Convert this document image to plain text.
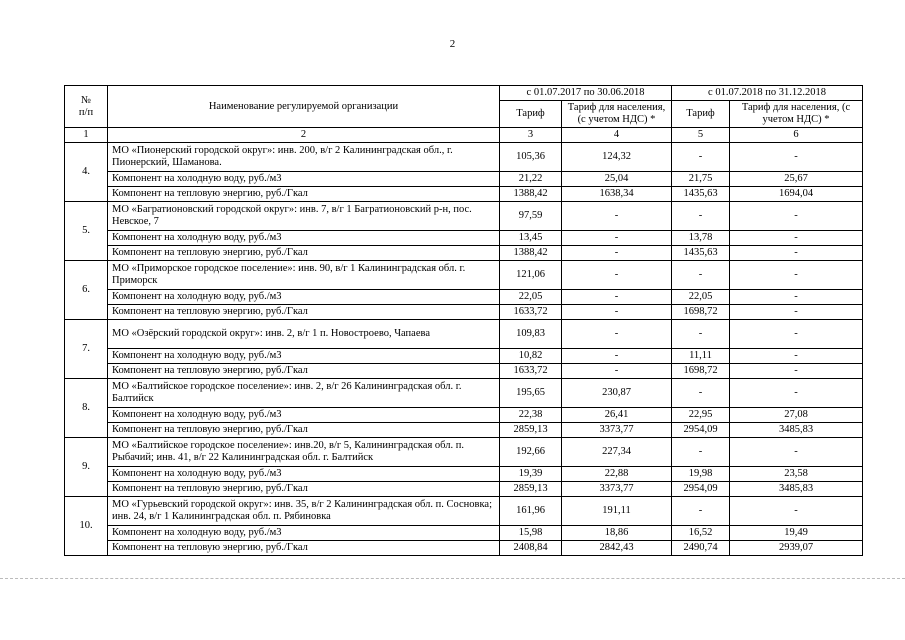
2
№
п/п	Наименование регулируемой организации	с 01.07.2017 по 30.06.2018		с 01.07.2018 по 31.12.2018	
		Тариф	Тариф для населения, (с учетом НДС) *	Тариф	Тариф для населения, (с учетом НДС) *
1	2	3	4	5	6
4.	МО «Пионерский городской округ»: инв. 200, в/г 2 Калининградская обл., г. Пионерский, Шаманова.	105,36	124,32	-	-
	Компонент на холодную воду, руб./м3	21,22	25,04	21,75	25,67
	Компонент на тепловую энергию, руб./Гкал	1388,42	1638,34	1435,63	1694,04
5.	МО «Багратионовский городской округ»: инв. 7, в/г 1 Багратионовский р-н, пос. Невское, 7	97,59	-	-	-
	Компонент на холодную воду, руб./м3	13,45	-	13,78	-
	Компонент на тепловую энергию, руб./Гкал	1388,42	-	1435,63	-
6.	МО «Приморское городское поселение»: инв. 90, в/г 1 Калининградская обл. г. Приморск	121,06	-	-	-
	Компонент на холодную воду, руб./м3	22,05	-	22,05	-
	Компонент на тепловую энергию, руб./Гкал	1633,72	-	1698,72	-
7.	МО «Озёрский городской округ»: инв. 2, в/г 1 п. Новостроево, Чапаева	109,83	-	-	-
	Компонент на холодную воду, руб./м3	10,82	-	11,11	-
	Компонент на тепловую энергию, руб./Гкал	1633,72	-	1698,72	-
8.	МО «Балтийское городское поселение»: инв. 2, в/г 26 Калининградская обл. г. Балтийск	195,65	230,87	-	-
	Компонент на холодную воду, руб./м3	22,38	26,41	22,95	27,08
	Компонент на тепловую энергию, руб./Гкал	2859,13	3373,77	2954,09	3485,83
9.	МО «Балтийское городское поселение»: инв.20, в/г 5, Калининградская обл. п. Рыбачий; инв. 41, в/г 22 Калининградская обл. г. Балтийск	192,66	227,34	-	-
	Компонент на холодную воду, руб./м3	19,39	22,88	19,98	23,58
	Компонент на тепловую энергию, руб./Гкал	2859,13	3373,77	2954,09	3485,83
10.	МО «Гурьевский городской округ»: инв. 35, в/г 2 Калининградская обл. п. Сосновка; инв. 24, в/г 1 Калининградская обл. п. Рябиновка	161,96	191,11	-	-
	Компонент на холодную воду, руб./м3	15,98	18,86	16,52	19,49
	Компонент на тепловую энергию, руб./Гкал	2408,84	2842,43	2490,74	2939,07
